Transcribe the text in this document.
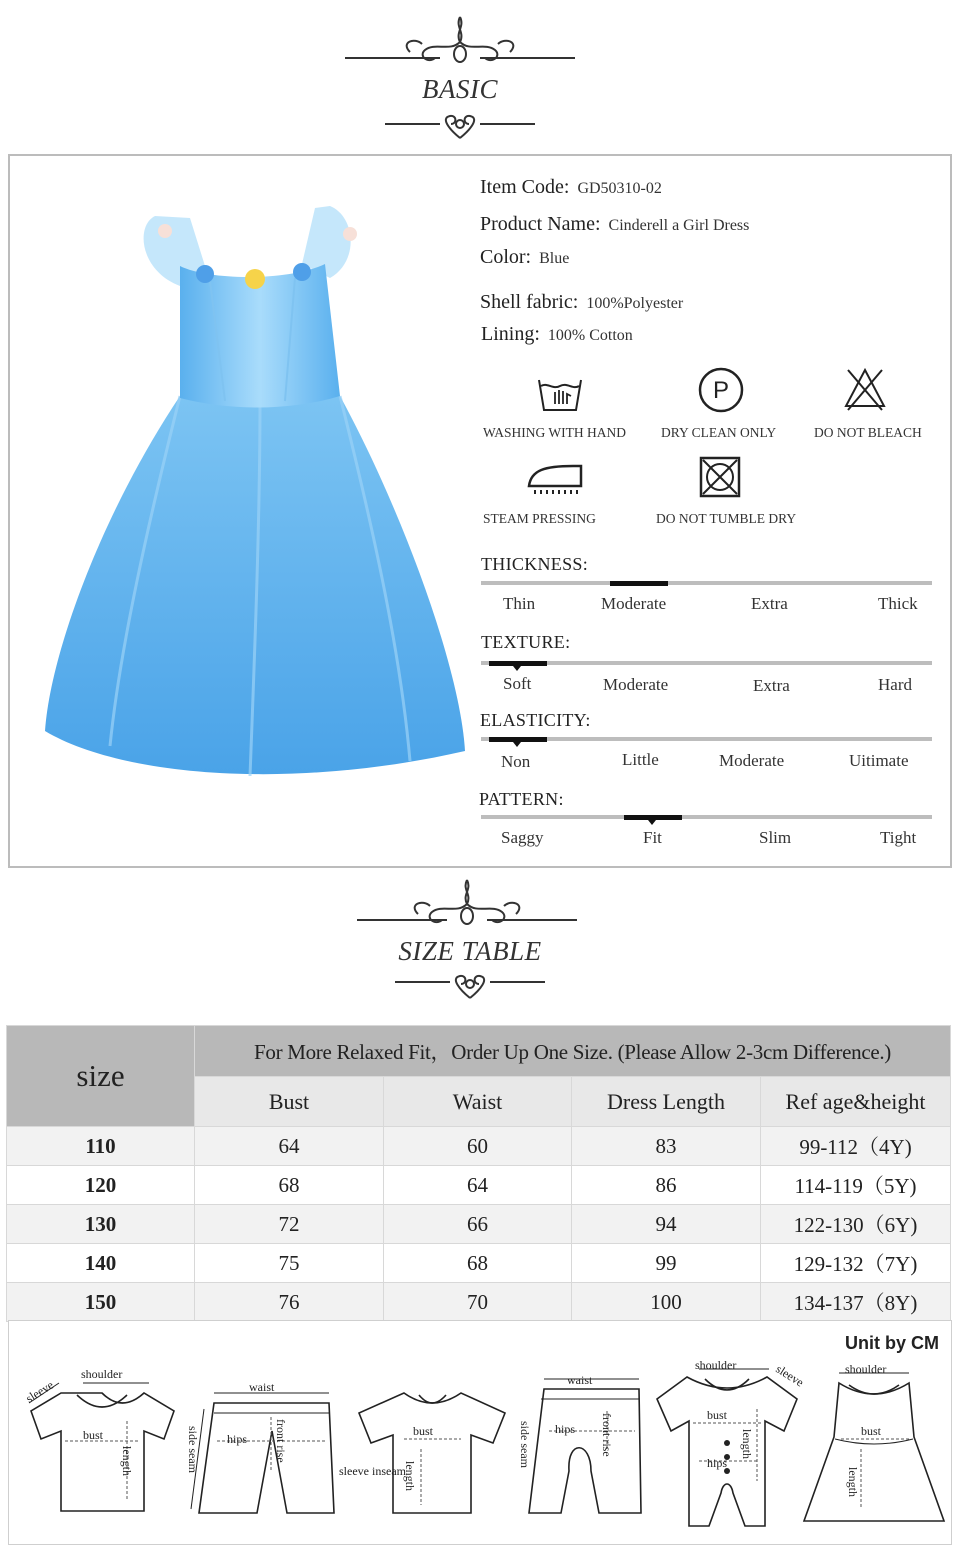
BASIC
Item Code: GD50310-02
Product Name: Cinderell a Girl Dress
Color: Blue
Shell fabric: 100%Polyester
Lining: 100% Cotton
WASHING WITH HAND
P
DRY CLEAN ONLY	DO NOT BLEACH
STEAM PRESSING	DO NOT TUMBLE DRY
THICKNESS:
Thin	Moderate	Extra	Thick
TEXTURE:
Soft	Moderate	Extra	Hard
ELASTICITY:
Non	Little	Moderate	Uitimate
PATTERN:
Saggy	Fit	Slim	Tight
SIZE TABLE
size	For More Relaxed Fit，Order Up One Size. (Please Allow 2-3cm Difference.)			
	Bust	Waist	Dress Length	Ref age&height
110	64	60	83	99-112（4Y)
120	68	64	86	114-119（5Y)
130	72	66	94	122-130（6Y)
140	75	68	99	129-132（7Y)
150	76	70	100	134-137（8Y)
Unit by CM
sleeve
shoulder
bust
length
waist
hips front rise
side seam	bust
length
sleeve inseam
waist
hips front rise
side seam
shoulder	sleeve
bust
hips
length
shoulder
bust
length
